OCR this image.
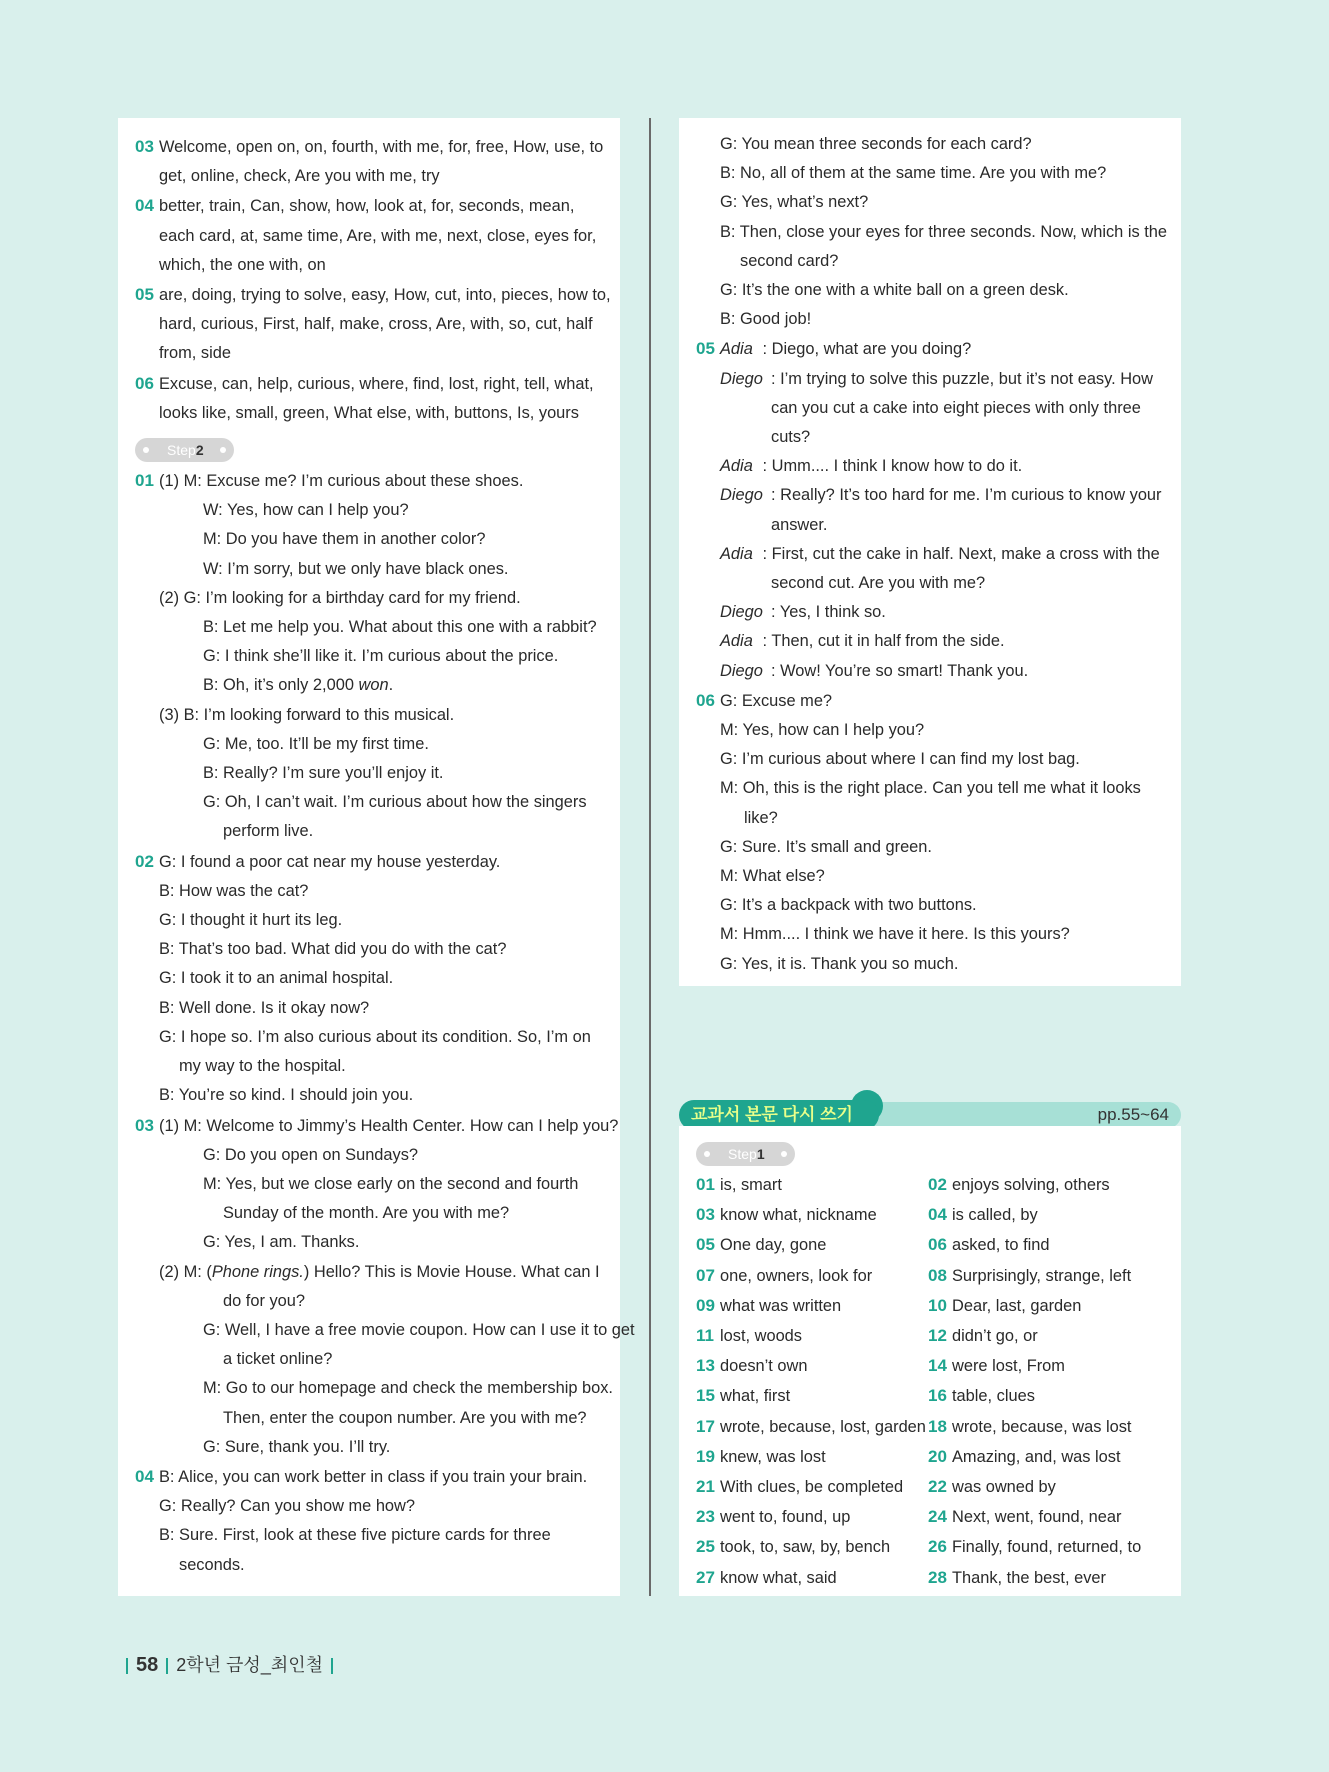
03 Welcome, open on, on, fourth, with me, for, free, How, use, to
get, online, check, Are you with me, try
04 better, train, Can, show, how, look at, for, seconds, mean,
each card, at, same time, Are, with me, next, close, eyes for,
which, the one with, on
05 are, doing, trying to solve, easy, How, cut, into, pieces, how to,
hard, curious, First, half, make, cross, Are, with, so, cut, half
from, side
06 Excuse, can, help, curious, where, find, lost, right, tell, what,
looks like, small, green, What else, with, buttons, Is, yours
Step2
01 (1) M: Excuse me? I’m curious about these shoes.
W: Yes, how can I help you?
M: Do you have them in another color?
W: I’m sorry, but we only have black ones.
(2) G: I’m looking for a birthday card for my friend.
B: Let me help you. What about this one with a rabbit?
G: I think she’ll like it. I’m curious about the price.
B: Oh, it’s only 2,000 won.
(3) B: I’m looking forward to this musical.
G: Me, too. It’ll be my first time.
B: Really? I’m sure you’ll enjoy it.
G: Oh, I can’t wait. I’m curious about how the singers
perform live.
02 G: I found a poor cat near my house yesterday.
B: How was the cat?
G: I thought it hurt its leg.
B: That’s too bad. What did you do with the cat?
G: I took it to an animal hospital.
B: Well done. Is it okay now?
G: I hope so. I’m also curious about its condition. So, I’m on
my way to the hospital.
B: You’re so kind. I should join you.
03 (1) M: Welcome to Jimmy’s Health Center. How can I help you?
G: Do you open on Sundays?
M: Yes, but we close early on the second and fourth
Sunday of the month. Are you with me?
G: Yes, I am. Thanks.
(2) M: (Phone rings.) Hello? This is Movie House. What can I
do for you?
G: Well, I have a free movie coupon. How can I use it to get
a ticket online?
M: Go to our homepage and check the membership box.
Then, enter the coupon number. Are you with me?
G: Sure, thank you. I’ll try.
04 B: Alice, you can work better in class if you train your brain.
G: Really? Can you show me how?
B: Sure. First, look at these five picture cards for three
seconds.
G: You mean three seconds for each card?
B: No, all of them at the same time. Are you with me?
G: Yes, what’s next?
B: Then, close your eyes for three seconds. Now, which is the
second card?
G: It’s the one with a white ball on a green desk.
B: Good job!
05 Adia : Diego, what are you doing?
Diego : I’m trying to solve this puzzle, but it’s not easy. How
can you cut a cake into eight pieces with only three
cuts?
Adia : Umm.... I think I know how to do it.
Diego : Really? It’s too hard for me. I’m curious to know your
answer.
Adia : First, cut the cake in half. Next, make a cross with the
second cut. Are you with me?
Diego : Yes, I think so.
Adia : Then, cut it in half from the side.
Diego : Wow! You’re so smart! Thank you.
06 G: Excuse me?
M: Yes, how can I help you?
G: I’m curious about where I can find my lost bag.
M: Oh, this is the right place. Can you tell me what it looks
like?
G: Sure. It’s small and green.
M: What else?
G: It’s a backpack with two buttons.
M: Hmm.... I think we have it here. Is this yours?
G: Yes, it is. Thank you so much.
교과서 본문 다시 쓰기	pp.55~64
Step1
01 is, smart	02 enjoys solving, others
03 know what, nickname	04 is called, by
05 One day, gone	06 asked, to find
07 one, owners, look for	08 Surprisingly, strange, left
09 what was written	10 Dear, last, garden
11 lost, woods	12 didn’t go, or
13 doesn’t own	14 were lost, From
15 what, first	16 table, clues
17 wrote, because, lost, garden 18 wrote, because, was lost
19 knew, was lost	20 Amazing, and, was lost
21 With clues, be completed	22 was owned by
23 went to, found, up	24 Next, went, found, near
25 took, to, saw, by, bench	26 Finally, found, returned, to
27 know what, said	28 Thank, the best, ever
58 2학년 금성_최인철
